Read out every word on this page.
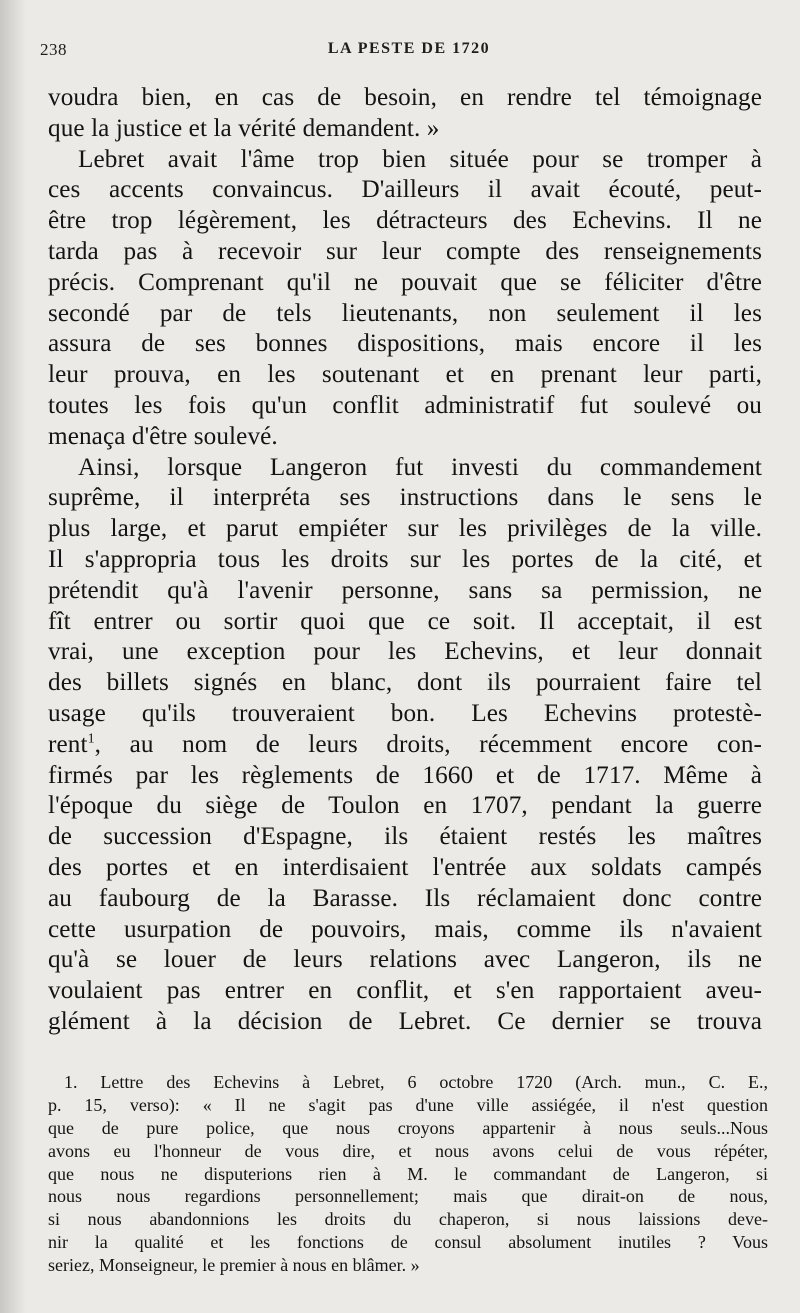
238	LA PESTE DE 1720
voudra bien, en cas de besoin, en rendre tel témoignage
que la justice et la vérité demandent. »
Lebret avait l'âme trop bien située pour se tromper à
ces accents convaincus. D'ailleurs il avait écouté, peut-
être trop légèrement, les détracteurs des Echevins. Il ne
tarda pas à recevoir sur leur compte des renseignements
précis. Comprenant qu'il ne pouvait que se féliciter d'être
secondé par de tels lieutenants, non seulement il les
assura de ses bonnes dispositions, mais encore il les
leur prouva, en les soutenant et en prenant leur parti,
toutes les fois qu'un conflit administratif fut soulevé ou
menaça d'être soulevé.
Ainsi, lorsque Langeron fut investi du commandement
suprême, il interpréta ses instructions dans le sens le
plus large, et parut empiéter sur les privilèges de la ville.
Il s'appropria tous les droits sur les portes de la cité, et
prétendit qu'à l'avenir personne, sans sa permission, ne
fît entrer ou sortir quoi que ce soit. Il acceptait, il est
vrai, une exception pour les Echevins, et leur donnait
des billets signés en blanc, dont ils pourraient faire tel
usage qu'ils trouveraient bon. Les Echevins protestè-
rent$^1$, au nom de leurs droits, récemment encore con-
firmés par les règlements de 1660 et de 1717. Même à
l'époque du siège de Toulon en 1707, pendant la guerre
de succession d'Espagne, ils étaient restés les maîtres
des portes et en interdisaient l'entrée aux soldats campés
au faubourg de la Barasse. Ils réclamaient donc contre
cette usurpation de pouvoirs, mais, comme ils n'avaient
qu'à se louer de leurs relations avec Langeron, ils ne
voulaient pas entrer en conflit, et s'en rapportaient aveu-
glément à la décision de Lebret. Ce dernier se trouva
1. Lettre des Echevins à Lebret, 6 octobre 1720 (Arch. mun., C. E.,
p. 15, verso): « Il ne s'agit pas d'une ville assiégée, il n'est question
que de pure police, que nous croyons appartenir à nous seuls...Nous
avons eu l'honneur de vous dire, et nous avons celui de vous répéter,
que nous ne disputerions rien à M. le commandant de Langeron, si
nous nous regardions personnellement; mais que dirait-on de nous,
si nous abandonnions les droits du chaperon, si nous laissions deve-
nir la qualité et les fonctions de consul absolument inutiles ? Vous
seriez, Monseigneur, le premier à nous en blâmer. »
